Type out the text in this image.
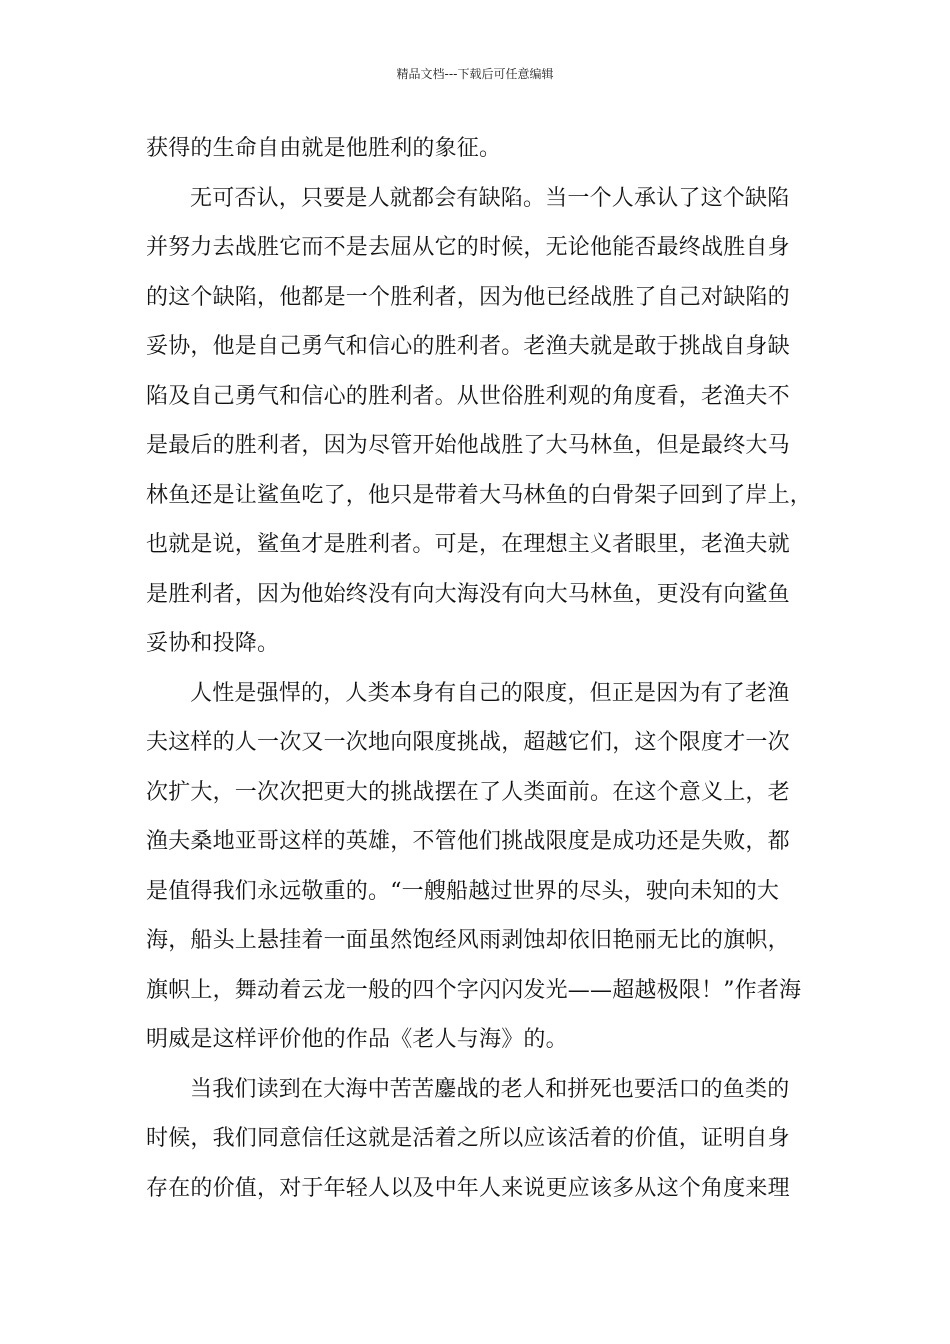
精品文档---下载后可任意编辑
获得的生命自由就是他胜利的象征。
无可否认，只要是人就都会有缺陷。当一个人承认了这个缺陷
并努力去战胜它而不是去屈从它的时候，无论他能否最终战胜自身
的这个缺陷，他都是一个胜利者，因为他已经战胜了自己对缺陷的
妥协，他是自己勇气和信心的胜利者。老渔夫就是敢于挑战自身缺
陷及自己勇气和信心的胜利者。从世俗胜利观的角度看，老渔夫不
是最后的胜利者，因为尽管开始他战胜了大马林鱼，但是最终大马
林鱼还是让鲨鱼吃了，他只是带着大马林鱼的白骨架子回到了岸上，
也就是说，鲨鱼才是胜利者。可是，在理想主义者眼里，老渔夫就
是胜利者，因为他始终没有向大海没有向大马林鱼，更没有向鲨鱼
妥协和投降。
人性是强悍的，人类本身有自己的限度，但正是因为有了老渔
夫这样的人一次又一次地向限度挑战，超越它们，这个限度才一次
次扩大，一次次把更大的挑战摆在了人类面前。在这个意义上，老
渔夫桑地亚哥这样的英雄，不管他们挑战限度是成功还是失败，都
是值得我们永远敬重的。“一艘船越过世界的尽头，驶向未知的大
海，船头上悬挂着一面虽然饱经风雨剥蚀却依旧艳丽无比的旗帜，
旗帜上，舞动着云龙一般的四个字闪闪发光——超越极限！”作者海
明威是这样评价他的作品《老人与海》的。
当我们读到在大海中苦苦鏖战的老人和拼死也要活口的鱼类的
时候，我们同意信任这就是活着之所以应该活着的价值，证明自身
存在的价值，对于年轻人以及中年人来说更应该多从这个角度来理
